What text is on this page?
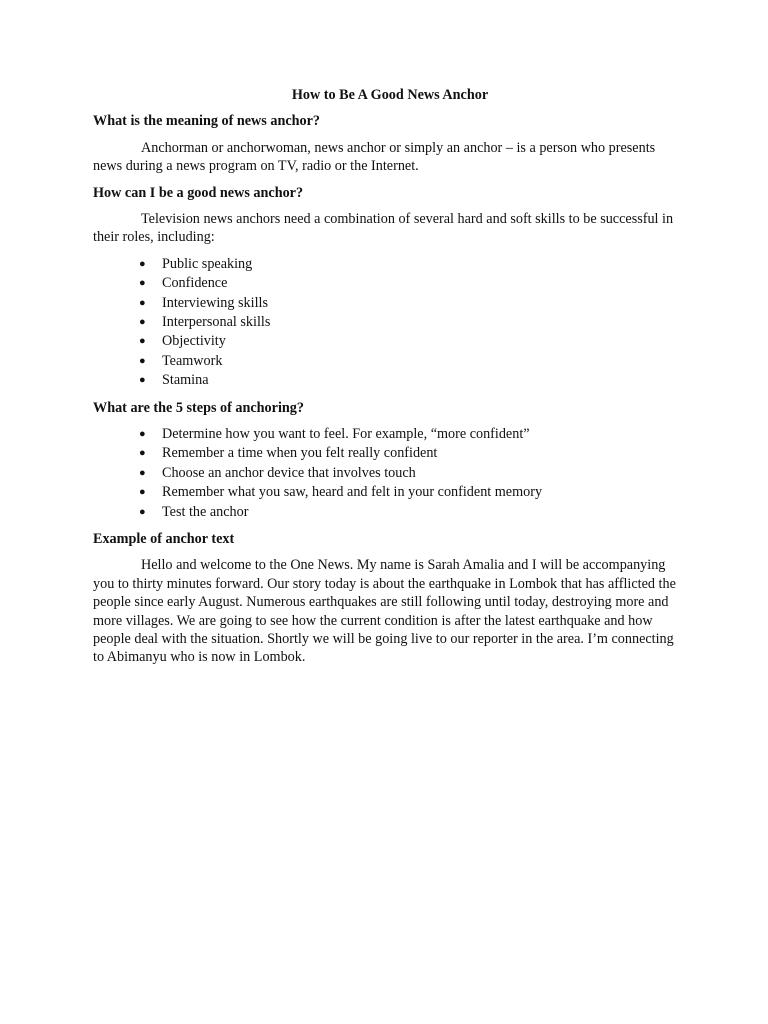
How to Be A Good News Anchor
What is the meaning of news anchor?
Anchorman or anchorwoman, news anchor or simply an anchor – is a person who presents news during a news program on TV, radio or the Internet.
How can I be a good news anchor?
Television news anchors need a combination of several hard and soft skills to be successful in their roles, including:
● Public speaking
● Confidence
● Interviewing skills
● Interpersonal skills
● Objectivity
● Teamwork
● Stamina
What are the 5 steps of anchoring?
● Determine how you want to feel. For example, “more confident”
● Remember a time when you felt really confident
● Choose an anchor device that involves touch
● Remember what you saw, heard and felt in your confident memory
● Test the anchor
Example of anchor text
Hello and welcome to the One News. My name is Sarah Amalia and I will be accompanying you to thirty minutes forward. Our story today is about the earthquake in Lombok that has afflicted the people since early August. Numerous earthquakes are still following until today, destroying more and more villages. We are going to see how the current condition is after the latest earthquake and how people deal with the situation. Shortly we will be going live to our reporter in the area. I’m connecting to Abimanyu who is now in Lombok.
